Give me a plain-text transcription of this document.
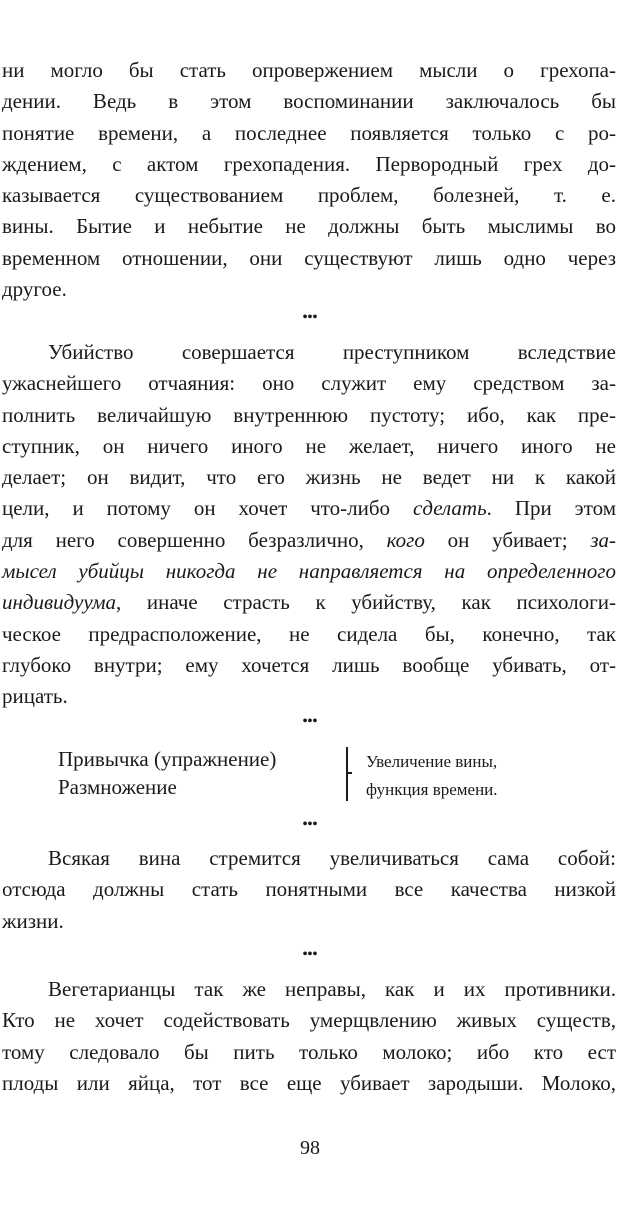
ни могло бы стать опровержением мысли о грехопа-
дении. Ведь в этом воспоминании заключалось бы
понятие времени, а последнее появляется только с ро-
ждением, с актом грехопадения. Первородный грех до-
казывается существованием проблем, болезней, т. е.
вины. Бытие и небытие не должны быть мыслимы во
временном отношении, они существуют лишь одно через
другое.
•••
Убийство совершается преступником вследствие
ужаснейшего отчаяния: оно служит ему средством за-
полнить величайшую внутреннюю пустоту; ибо, как пре-
ступник, он ничего иного не желает, ничего иного не
делает; он видит, что его жизнь не ведет ни к какой
цели, и потому он хочет что-либо сделать. При этом
для него совершенно безразлично, кого он убивает; за-
мысел убийцы никогда не направляется на определенного
индивидуума, иначе страсть к убийству, как психологи-
ческое предрасположение, не сидела бы, конечно, так
глубоко внутри; ему хочется лишь вообще убивать, от-
рицать.
•••
Привычка (упражнение)
Размножение
Увеличение вины,
функция времени.
•••
Всякая вина стремится увеличиваться сама собой:
отсюда должны стать понятными все качества низкой
жизни.
•••
Вегетарианцы так же неправы, как и их противники.
Кто не хочет содействовать умерщвлению живых существ,
тому следовало бы пить только молоко; ибо кто ест
плоды или яйца, тот все еще убивает зародыши. Молоко,
98
